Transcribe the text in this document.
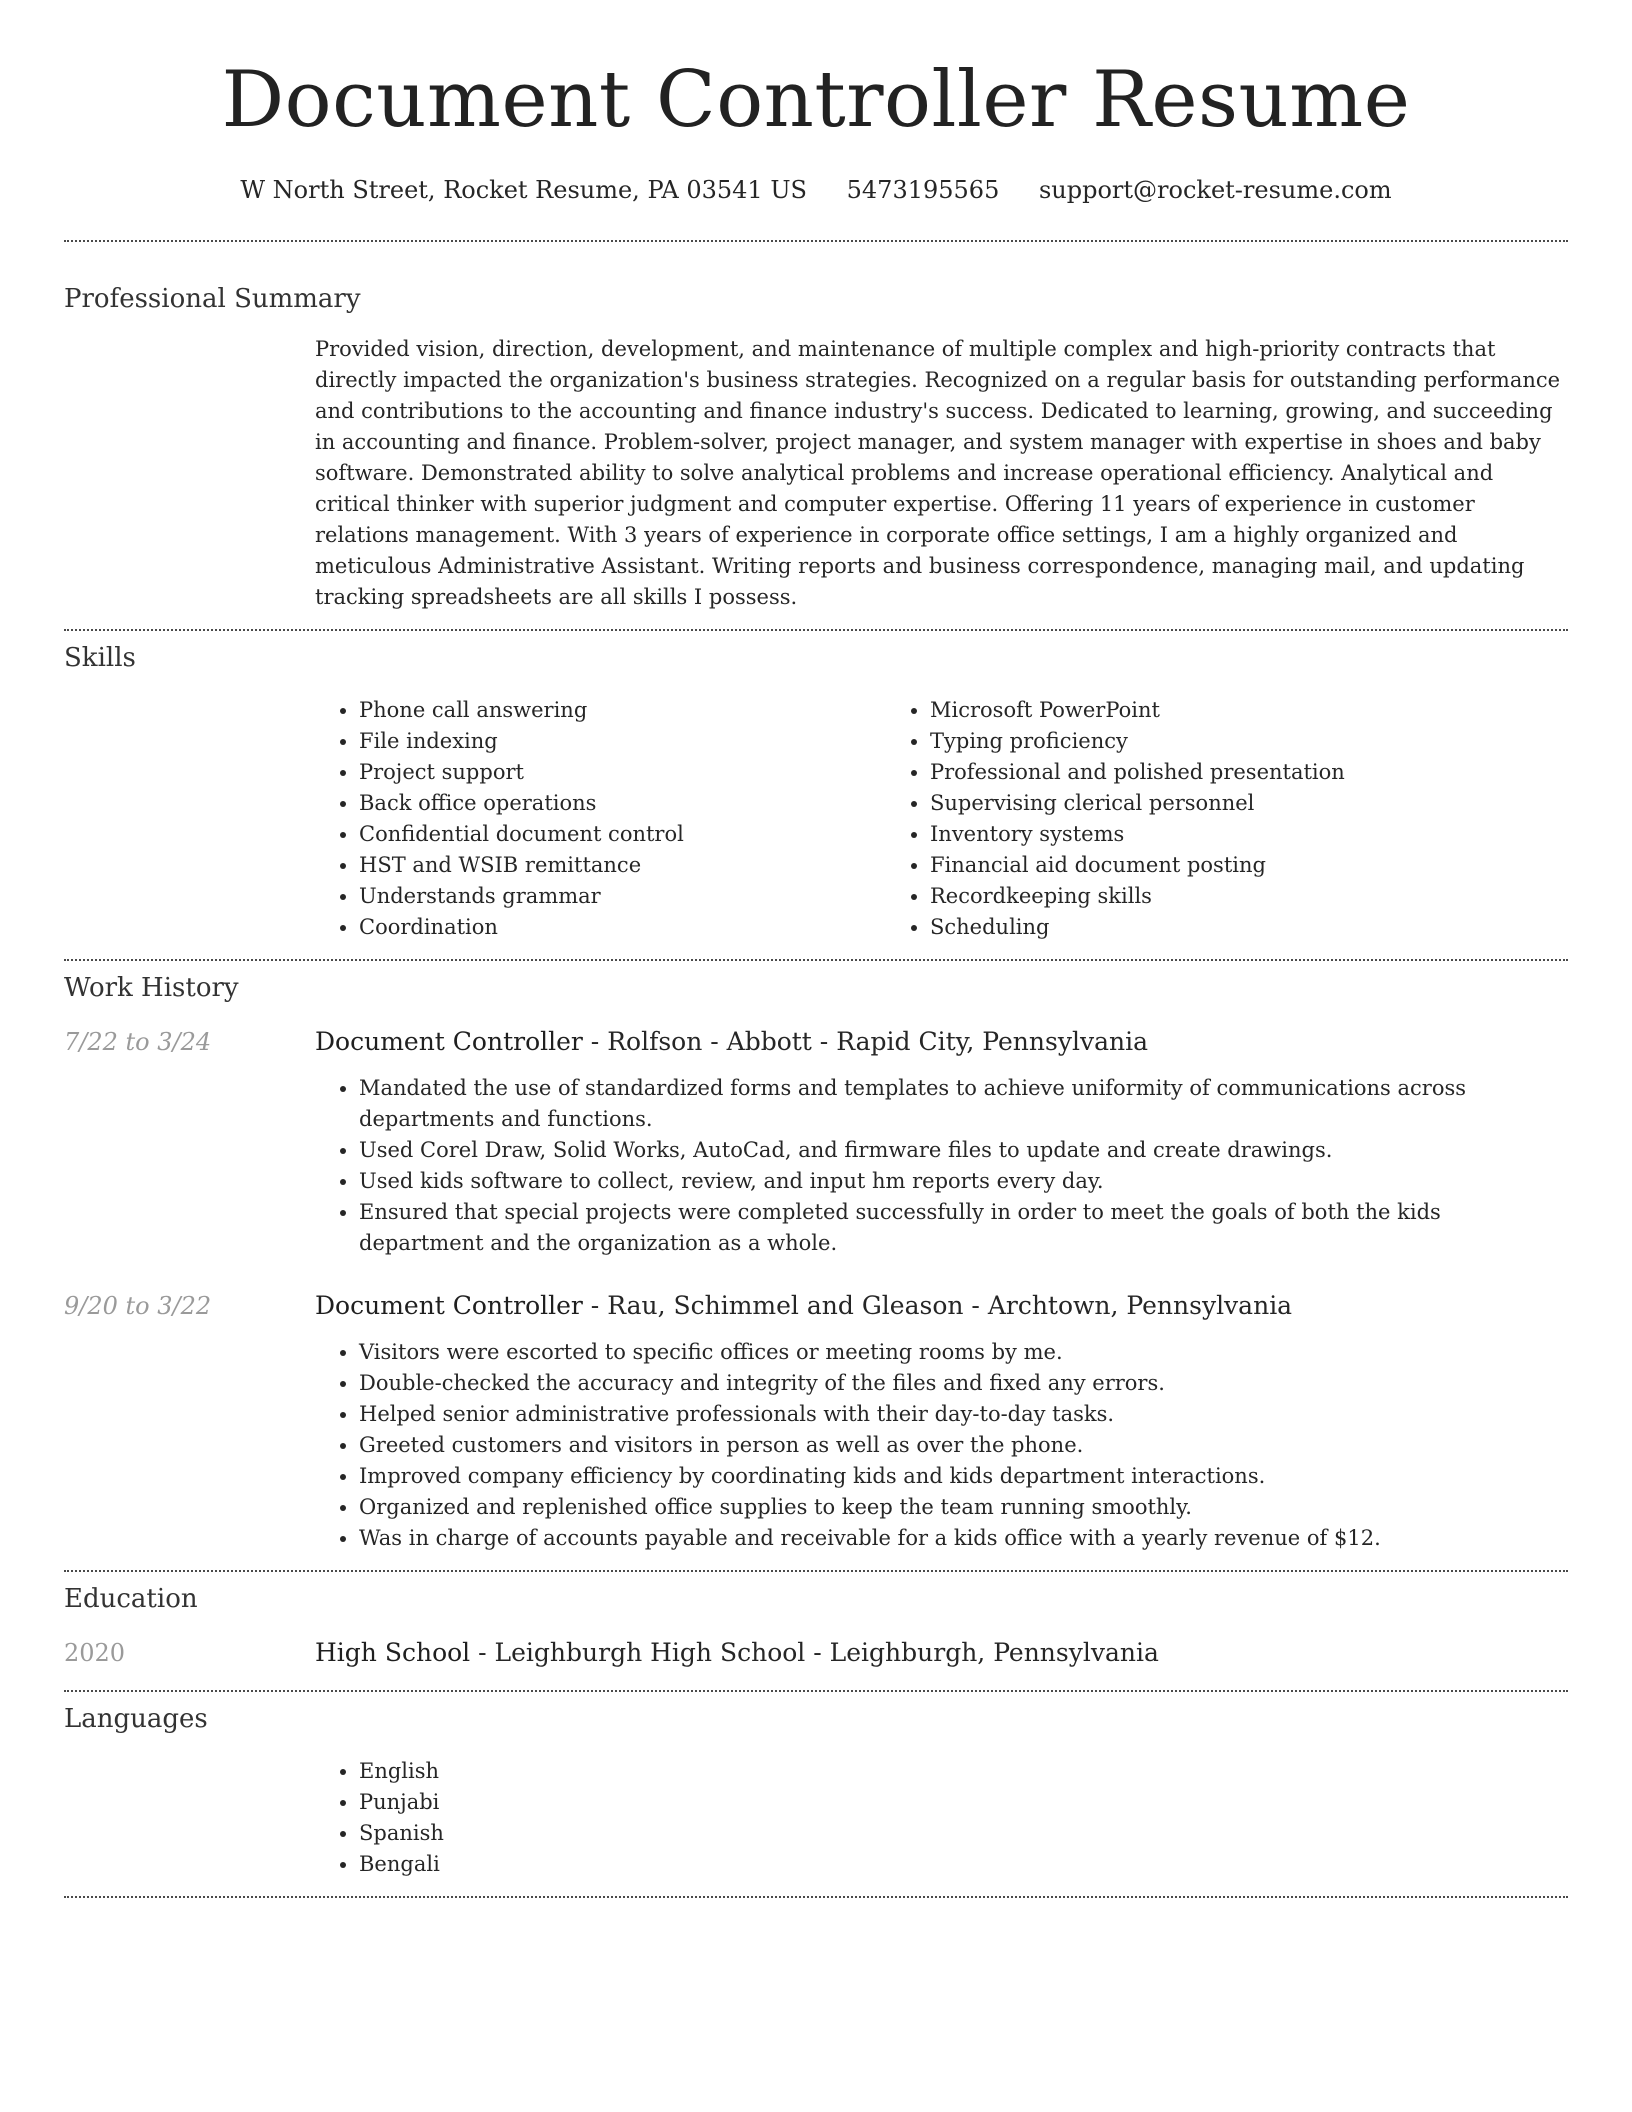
Document Controller Resume
W North Street, Rocket Resume, PA 03541 US 5473195565 support@rocket-resume.com
Professional Summary
Provided vision, direction, development, and maintenance of multiple complex and high-priority contracts that directly impacted the organization's business strategies. Recognized on a regular basis for outstanding performance and contributions to the accounting and finance industry's success. Dedicated to learning, growing, and succeeding in accounting and finance. Problem-solver, project manager, and system manager with expertise in shoes and baby software. Demonstrated ability to solve analytical problems and increase operational efficiency. Analytical and critical thinker with superior judgment and computer expertise. Offering 11 years of experience in customer relations management. With 3 years of experience in corporate office settings, I am a highly organized and meticulous Administrative Assistant. Writing reports and business correspondence, managing mail, and updating tracking spreadsheets are all skills I possess.
Skills
• Phone call answering
• File indexing
• Project support
• Back office operations
• Confidential document control
• HST and WSIB remittance
• Understands grammar
• Coordination
• Microsoft PowerPoint
• Typing proficiency
• Professional and polished presentation
• Supervising clerical personnel
• Inventory systems
• Financial aid document posting
• Recordkeeping skills
• Scheduling
Work History
7/22 to 3/24	Document Controller - Rolfson - Abbott - Rapid City, Pennsylvania
• Mandated the use of standardized forms and templates to achieve uniformity of communications across departments and functions.
• Used Corel Draw, Solid Works, AutoCad, and firmware files to update and create drawings.
• Used kids software to collect, review, and input hm reports every day.
• Ensured that special projects were completed successfully in order to meet the goals of both the kids department and the organization as a whole.
9/20 to 3/22	Document Controller - Rau, Schimmel and Gleason - Archtown, Pennsylvania
• Visitors were escorted to specific offices or meeting rooms by me.
• Double-checked the accuracy and integrity of the files and fixed any errors.
• Helped senior administrative professionals with their day-to-day tasks.
• Greeted customers and visitors in person as well as over the phone.
• Improved company efficiency by coordinating kids and kids department interactions.
• Organized and replenished office supplies to keep the team running smoothly.
• Was in charge of accounts payable and receivable for a kids office with a yearly revenue of $12.
Education
2020	High School - Leighburgh High School - Leighburgh, Pennsylvania
Languages
• English
• Punjabi
• Spanish
• Bengali
